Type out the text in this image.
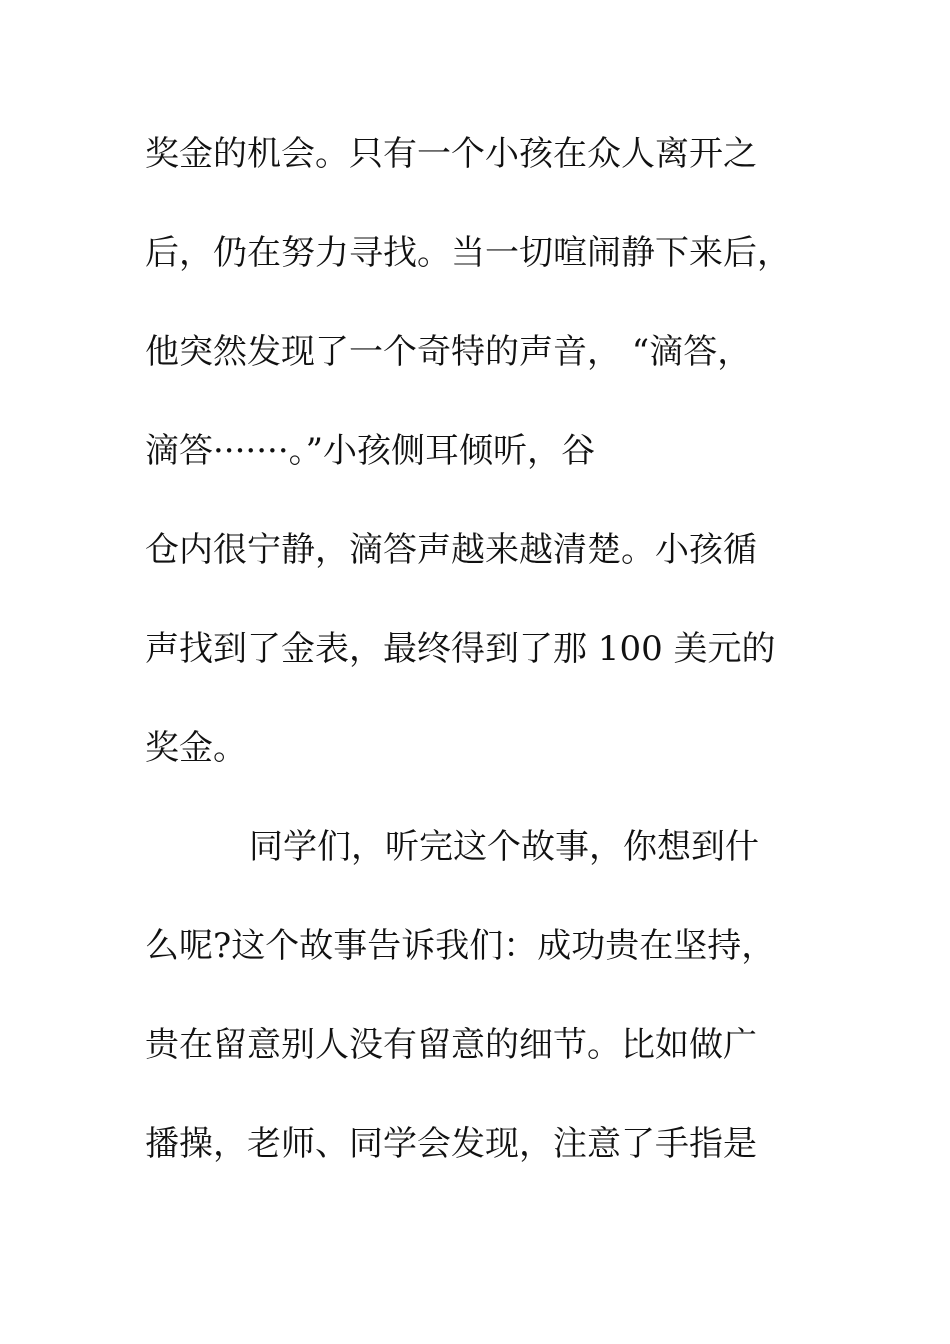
奖金的机会。只有一个小孩在众人离开之
后，仍在努力寻找。当一切喧闹静下来后，
他突然发现了一个奇特的声音， “滴答，
滴答·······。”小孩侧耳倾听，谷
仓内很宁静，滴答声越来越清楚。小孩循
声找到了金表，最终得到了那 100 美元的
奖金。
同学们，听完这个故事，你想到什
么呢?这个故事告诉我们：成功贵在坚持，
贵在留意别人没有留意的细节。比如做广
播操，老师、同学会发现，注意了手指是
